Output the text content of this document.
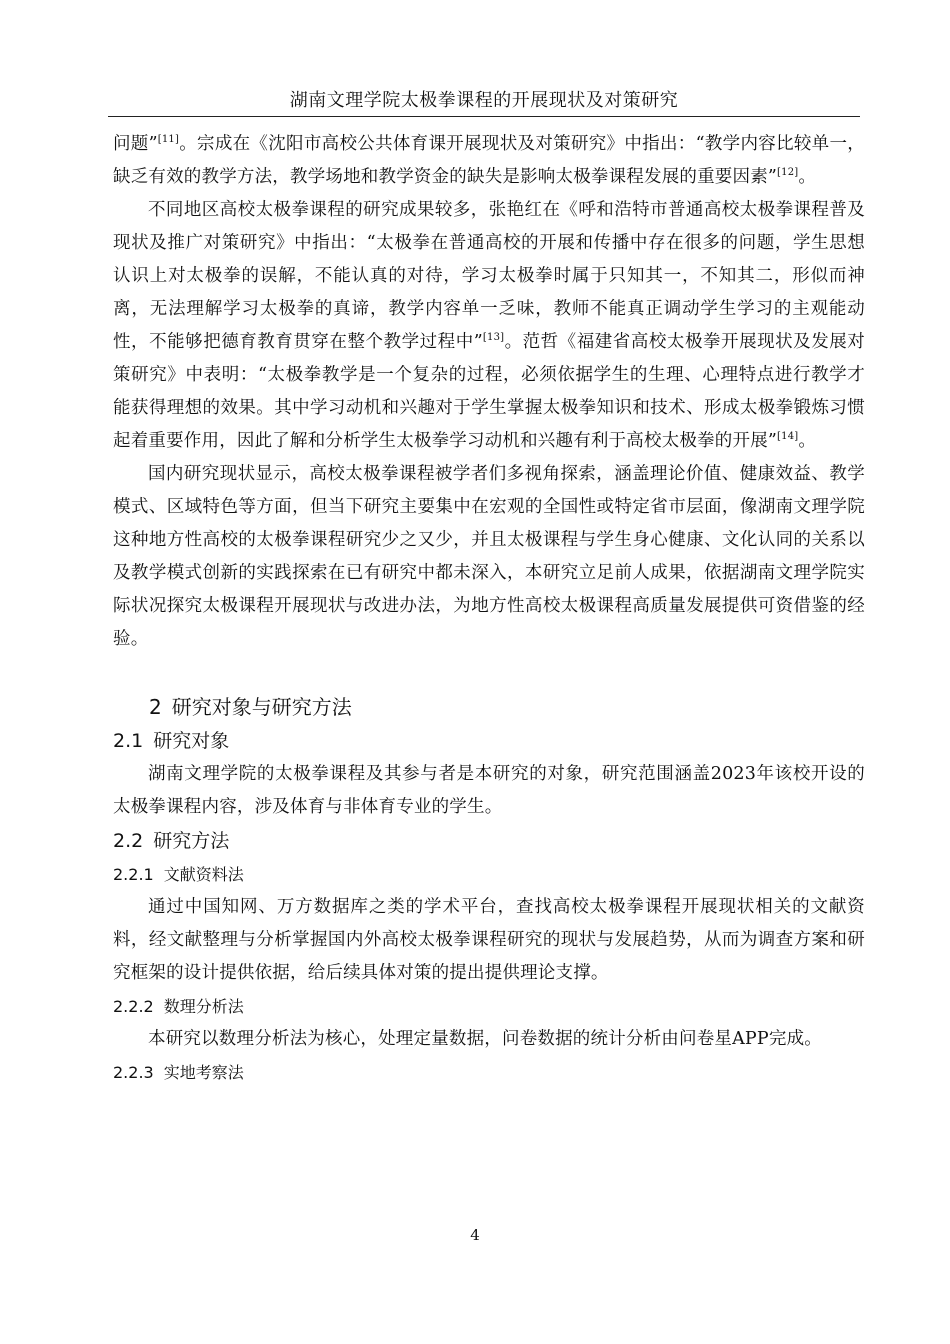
湖南文理学院太极拳课程的开展现状及对策研究

问题”[11]。宗成在《沈阳市高校公共体育课开展现状及对策研究》中指出：“教学内容比较单一，缺乏有效的教学方法，教学场地和教学资金的缺失是影响太极拳课程发展的重要因素”[12]。

不同地区高校太极拳课程的研究成果较多，张艳红在《呼和浩特市普通高校太极拳课程普及现状及推广对策研究》中指出：“太极拳在普通高校的开展和传播中存在很多的问题，学生思想认识上对太极拳的误解，不能认真的对待，学习太极拳时属于只知其一，不知其二，形似而神离，无法理解学习太极拳的真谛，教学内容单一乏味，教师不能真正调动学生学习的主观能动性，不能够把德育教育贯穿在整个教学过程中”[13]。范哲《福建省高校太极拳开展现状及发展对策研究》中表明：“太极拳教学是一个复杂的过程，必须依据学生的生理、心理特点进行教学才能获得理想的效果。其中学习动机和兴趣对于学生掌握太极拳知识和技术、形成太极拳锻炼习惯起着重要作用，因此了解和分析学生太极拳学习动机和兴趣有利于高校太极拳的开展”[14]。

国内研究现状显示，高校太极拳课程被学者们多视角探索，涵盖理论价值、健康效益、教学模式、区域特色等方面，但当下研究主要集中在宏观的全国性或特定省市层面，像湖南文理学院这种地方性高校的太极拳课程研究少之又少，并且太极课程与学生身心健康、文化认同的关系以及教学模式创新的实践探索在已有研究中都未深入，本研究立足前人成果，依据湖南文理学院实际状况探究太极课程开展现状与改进办法，为地方性高校太极课程高质量发展提供可资借鉴的经验。

2 研究对象与研究方法
2.1 研究对象

湖南文理学院的太极拳课程及其参与者是本研究的对象，研究范围涵盖2023年该校开设的太极拳课程内容，涉及体育与非体育专业的学生。

2.2 研究方法
2.2.1 文献资料法

通过中国知网、万方数据库之类的学术平台，查找高校太极拳课程开展现状相关的文献资料，经文献整理与分析掌握国内外高校太极拳课程研究的现状与发展趋势，从而为调查方案和研究框架的设计提供依据，给后续具体对策的提出提供理论支撑。

2.2.2 数理分析法

本研究以数理分析法为核心，处理定量数据，问卷数据的统计分析由问卷星APP完成。

2.2.3 实地考察法
4
